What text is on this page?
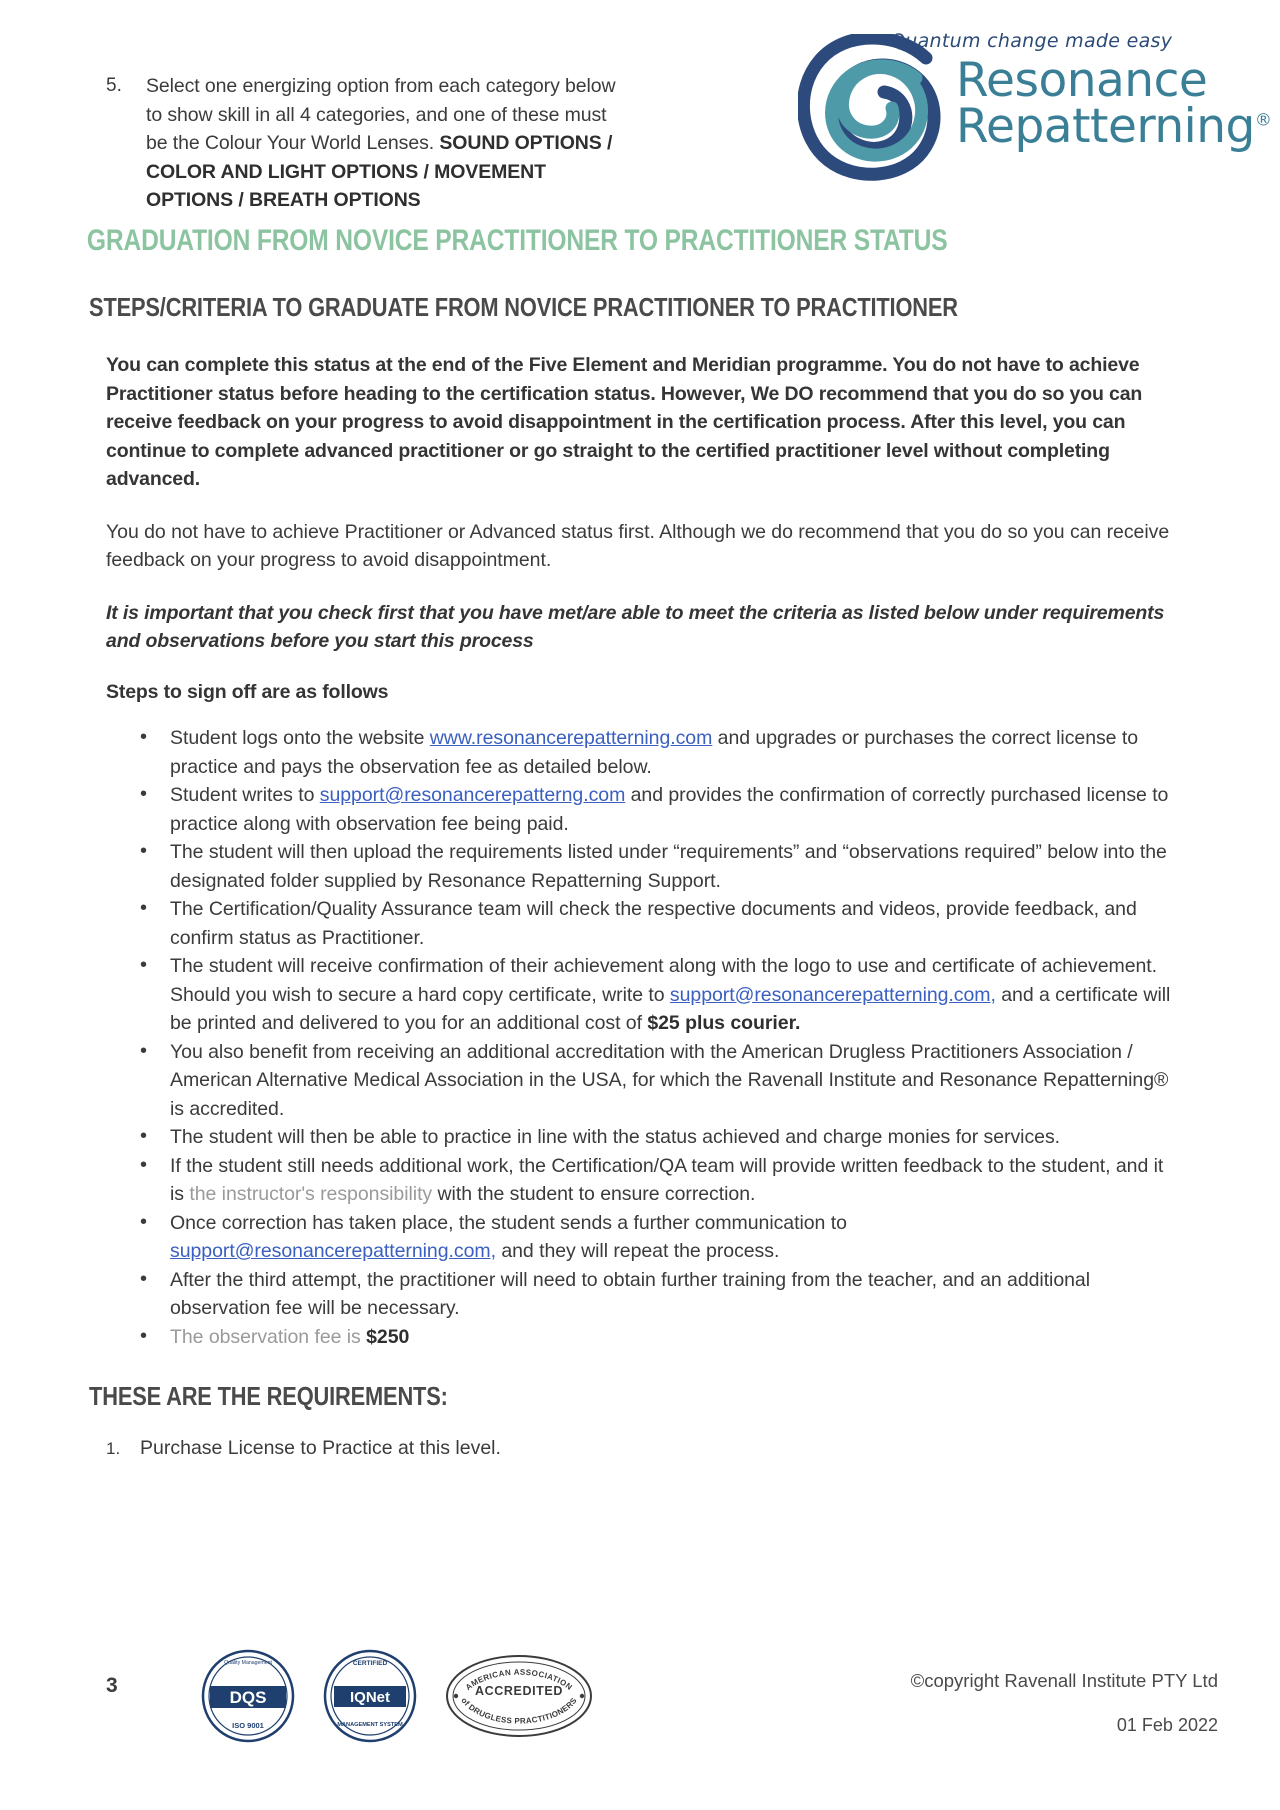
5.	Select one energizing option from each category below to show skill in all 4 categories, and one of these must be the Colour Your World Lenses. SOUND OPTIONS / COLOR AND LIGHT OPTIONS / MOVEMENT OPTIONS / BREATH OPTIONS
Quantum change made easy
Resonance
Repatterning®
GRADUATION FROM NOVICE PRACTITIONER TO PRACTITIONER STATUS
STEPS/CRITERIA TO GRADUATE FROM NOVICE PRACTITIONER TO PRACTITIONER

You can complete this status at the end of the Five Element and Meridian programme. You do not have to achieve Practitioner status before heading to the certification status. However, We DO recommend that you do so you can receive feedback on your progress to avoid disappointment in the certification process. After this level, you can continue to complete advanced practitioner or go straight to the certified practitioner level without completing advanced.

You do not have to achieve Practitioner or Advanced status first. Although we do recommend that you do so you can receive feedback on your progress to avoid disappointment.

It is important that you check first that you have met/are able to meet the criteria as listed below under requirements and observations before you start this process

Steps to sign off are as follows

• Student logs onto the website www.resonancerepatterning.com and upgrades or purchases the correct license to practice and pays the observation fee as detailed below.
• Student writes to support@resonancerepatterng.com and provides the confirmation of correctly purchased license to practice along with observation fee being paid.
• The student will then upload the requirements listed under “requirements” and “observations required” below into the designated folder supplied by Resonance Repatterning Support.
• The Certification/Quality Assurance team will check the respective documents and videos, provide feedback, and confirm status as Practitioner.
• The student will receive confirmation of their achievement along with the logo to use and certificate of achievement. Should you wish to secure a hard copy certificate, write to support@resonancerepatterning.com, and a certificate will be printed and delivered to you for an additional cost of $25 plus courier.
• You also benefit from receiving an additional accreditation with the American Drugless Practitioners Association / American Alternative Medical Association in the USA, for which the Ravenall Institute and Resonance Repatterning® is accredited.
• The student will then be able to practice in line with the status achieved and charge monies for services.
• If the student still needs additional work, the Certification/QA team will provide written feedback to the student, and it is the instructor's responsibility with the student to ensure correction.
• Once correction has taken place, the student sends a further communication to support@resonancerepatterning.com, and they will repeat the process.
• After the third attempt, the practitioner will need to obtain further training from the teacher, and an additional observation fee will be necessary.
• The observation fee is $250
THESE ARE THE REQUIREMENTS:
1. Purchase License to Practice at this level.
3
DQS
Quality Management
ISO 9001
IQNet
CERTIFIED
MANAGEMENT SYSTEM
ACCREDITED
AMERICAN ASSOCIATION
of DRUGLESS PRACTITIONERS
©copyright Ravenall Institute PTY Ltd
01 Feb 2022
